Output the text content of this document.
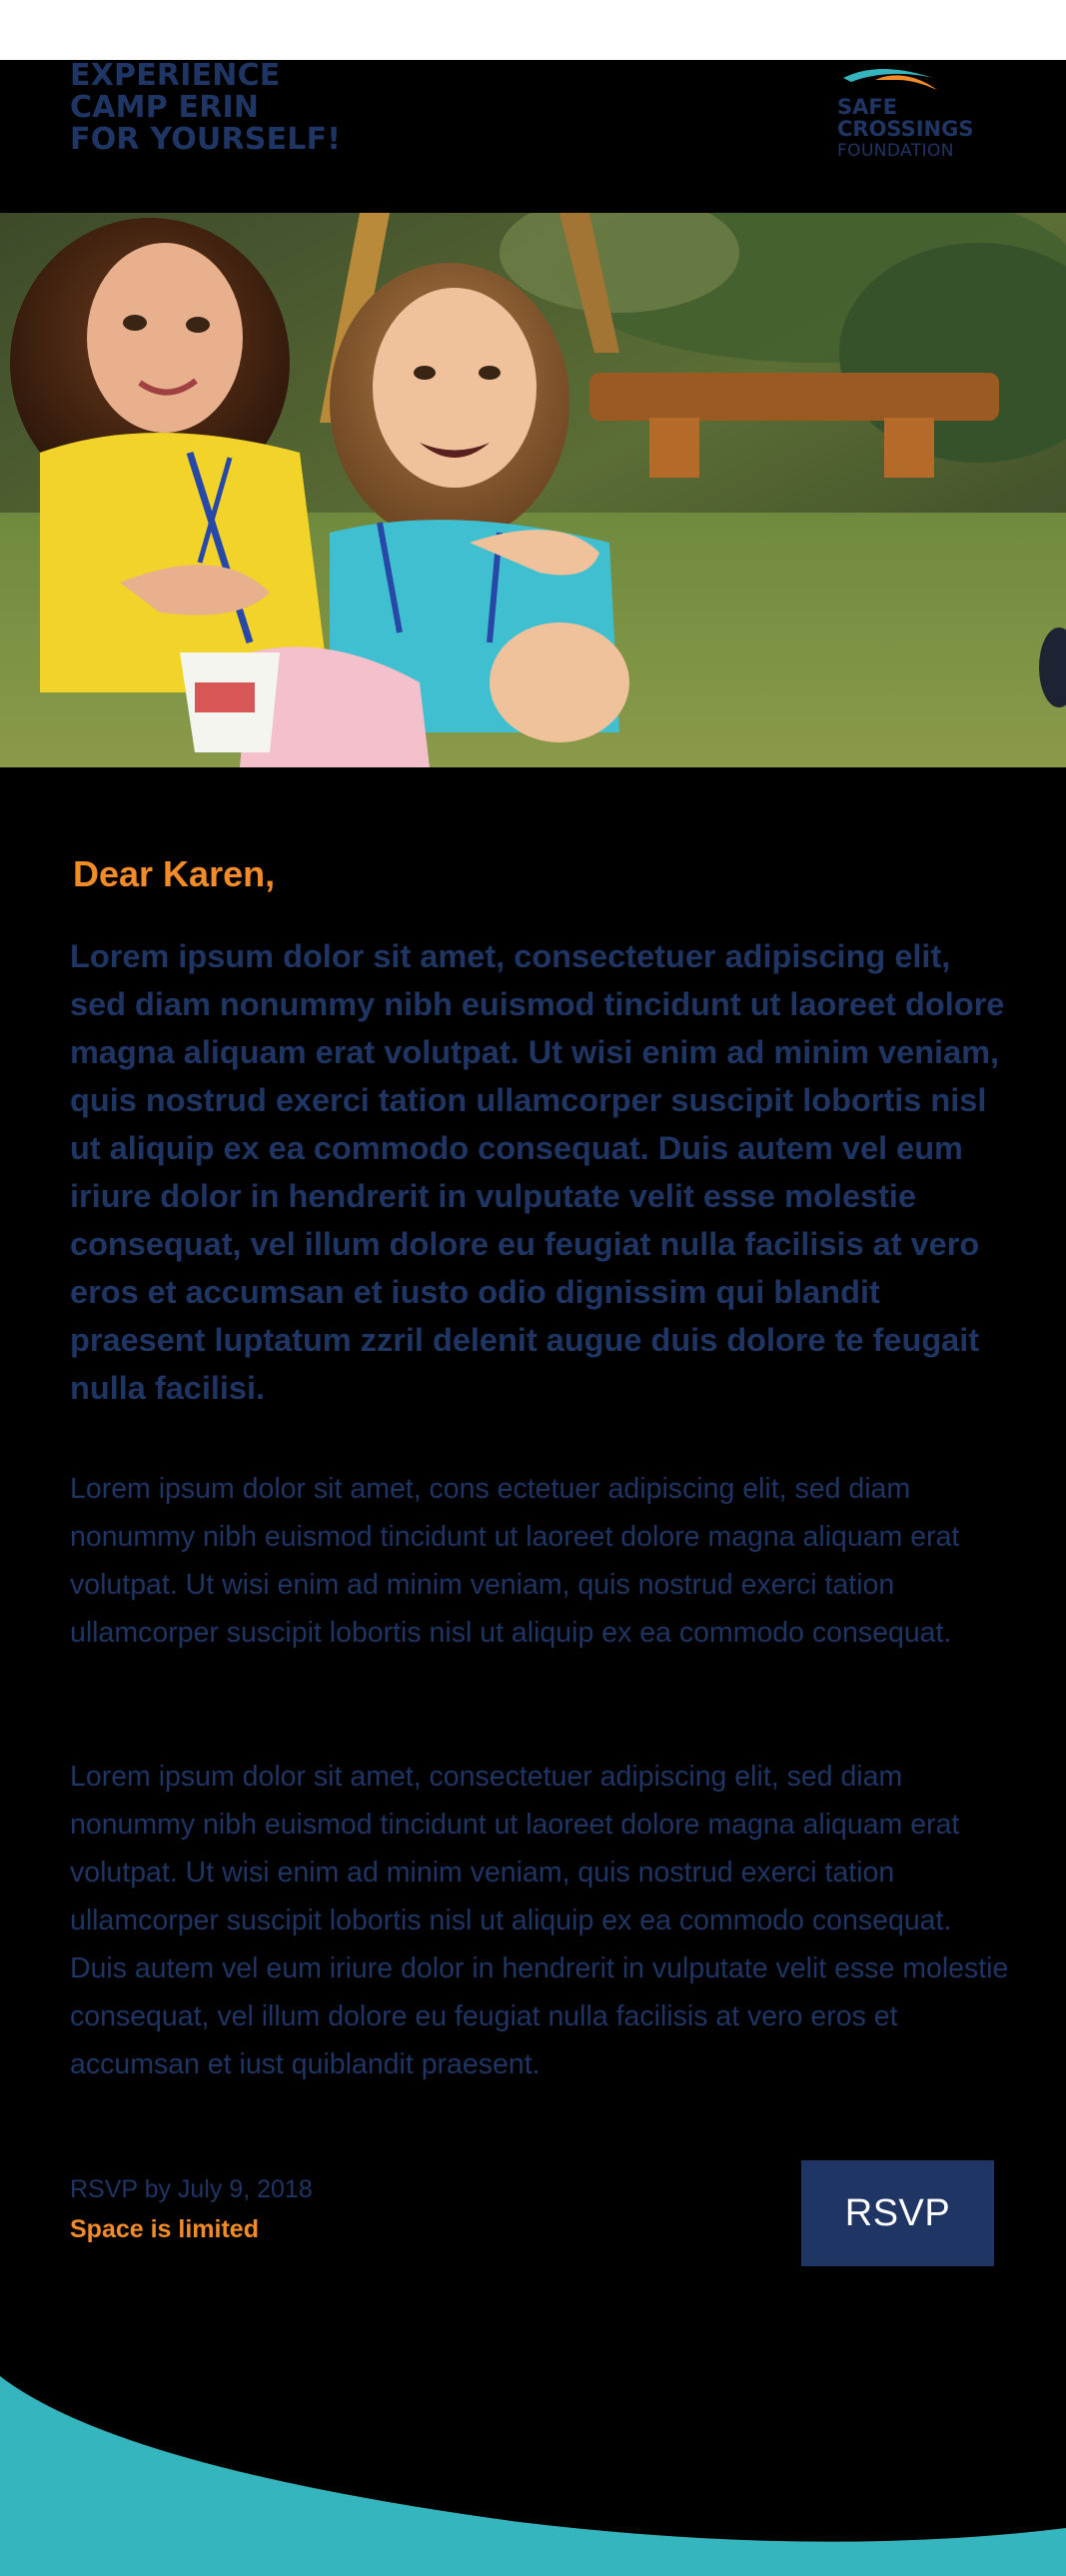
EXPERIENCE
CAMP ERIN
FOR YOURSELF!
SAFE
CROSSINGS
FOUNDATION

Dear Karen,

Lorem ipsum dolor sit amet, consectetuer adipiscing elit, sed diam nonummy nibh euismod tincidunt ut laoreet dolore magna aliquam erat volutpat. Ut wisi enim ad minim veniam, quis nostrud exerci tation ullamcorper suscipit lobortis nisl ut aliquip ex ea commodo consequat. Duis autem vel eum iriure dolor in hendrerit in vulputate velit esse molestie consequat, vel illum dolore eu feugiat nulla facilisis at vero eros et accumsan et iusto odio dignissim qui blandit praesent luptatum zzril delenit augue duis dolore te feugait nulla facilisi.

Lorem ipsum dolor sit amet, cons ectetuer adipiscing elit, sed diam nonummy nibh euismod tincidunt ut laoreet dolore magna aliquam erat volutpat. Ut wisi enim ad minim veniam, quis nostrud exerci tation ullamcorper suscipit lobortis nisl ut aliquip ex ea commodo consequat.

Lorem ipsum dolor sit amet, consectetuer adipiscing elit, sed diam nonummy nibh euismod tincidunt ut laoreet dolore magna aliquam erat volutpat. Ut wisi enim ad minim veniam, quis nostrud exerci tation ullamcorper suscipit lobortis nisl ut aliquip ex ea commodo consequat. Duis autem vel eum iriure dolor in hendrerit in vulputate velit esse molestie consequat, vel illum dolore eu feugiat nulla facilisis at vero eros et accumsan et iust quiblandit praesent.

RSVP by July 9, 2018
Space is limited	RSVP
